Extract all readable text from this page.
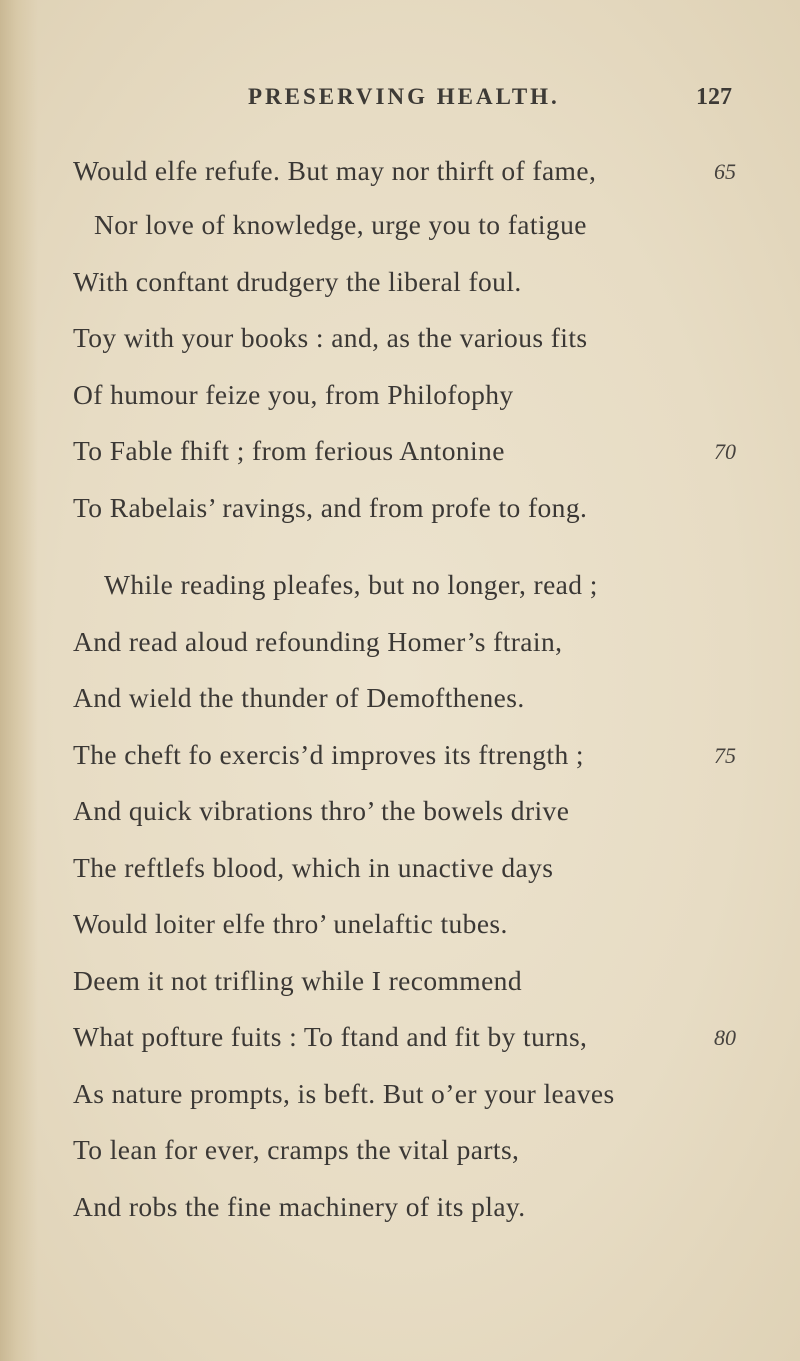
PRESERVING HEALTH.	127
Would elfe refufe. But may nor thirft of fame,
Nor love of knowledge, urge you to fatigue
With conftant drudgery the liberal foul.
Toy with your books : and, as the various fits
Of humour feize you, from Philofophy
To Fable fhift ; from ferious Antonine
To Rabelais’ ravings, and from profe to fong.
While reading pleafes, but no longer, read ;
And read aloud refounding Homer’s ftrain,
And wield the thunder of Demofthenes.
The cheft fo exercis’d improves its ftrength ;
And quick vibrations thro’ the bowels drive
The reftlefs blood, which in unactive days
Would loiter elfe thro’ unelaftic tubes.
Deem it not trifling while I recommend
What pofture fuits : To ftand and fit by turns,
As nature prompts, is beft. But o’er your leaves
To lean for ever, cramps the vital parts,
And robs the fine machinery of its play.
65
70
75
80
